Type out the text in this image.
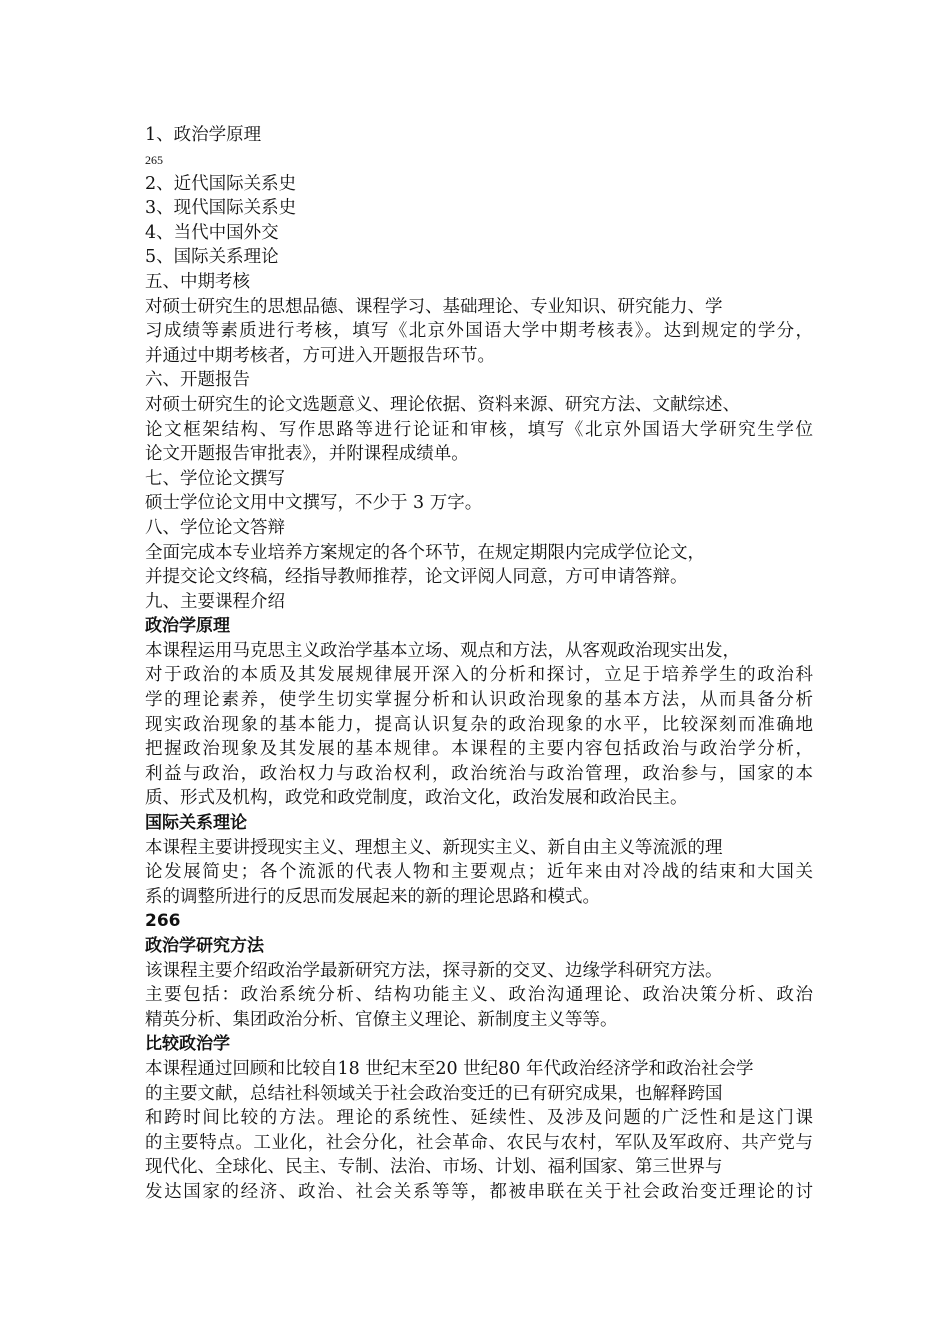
1、政治学原理
265
2、近代国际关系史
3、现代国际关系史
4、当代中国外交
5、国际关系理论
五、中期考核
对硕士研究生的思想品德、课程学习、基础理论、专业知识、研究能力、学
习成绩等素质进行考核，填写《北京外国语大学中期考核表》。达到规定的学分，
并通过中期考核者，方可进入开题报告环节。
六、开题报告
对硕士研究生的论文选题意义、理论依据、资料来源、研究方法、文献综述、
论文框架结构、写作思路等进行论证和审核，填写《北京外国语大学研究生学位
论文开题报告审批表》，并附课程成绩单。
七、学位论文撰写
硕士学位论文用中文撰写，不少于 3 万字。
八、学位论文答辩
全面完成本专业培养方案规定的各个环节，在规定期限内完成学位论文，
并提交论文终稿，经指导教师推荐，论文评阅人同意，方可申请答辩。
九、主要课程介绍
政治学原理
本课程运用马克思主义政治学基本立场、观点和方法，从客观政治现实出发，
对于政治的本质及其发展规律展开深入的分析和探讨，立足于培养学生的政治科
学的理论素养，使学生切实掌握分析和认识政治现象的基本方法，从而具备分析
现实政治现象的基本能力，提高认识复杂的政治现象的水平，比较深刻而准确地
把握政治现象及其发展的基本规律。本课程的主要内容包括政治与政治学分析，
利益与政治，政治权力与政治权利，政治统治与政治管理，政治参与，国家的本
质、形式及机构，政党和政党制度，政治文化，政治发展和政治民主。
国际关系理论
本课程主要讲授现实主义、理想主义、新现实主义、新自由主义等流派的理
论发展简史；各个流派的代表人物和主要观点；近年来由对冷战的结束和大国关
系的调整所进行的反思而发展起来的新的理论思路和模式。
266
政治学研究方法
该课程主要介绍政治学最新研究方法，探寻新的交叉、边缘学科研究方法。
主要包括：政治系统分析、结构功能主义、政治沟通理论、政治决策分析、政治
精英分析、集团政治分析、官僚主义理论、新制度主义等等。
比较政治学
本课程通过回顾和比较自18 世纪末至20 世纪80 年代政治经济学和政治社会学
的主要文献，总结社科领域关于社会政治变迁的已有研究成果，也解释跨国
和跨时间比较的方法。理论的系统性、延续性、及涉及问题的广泛性和是这门课
的主要特点。工业化，社会分化，社会革命、农民与农村，军队及军政府、共产党与
现代化、全球化、民主、专制、法治、市场、计划、福利国家、第三世界与
发达国家的经济、政治、社会关系等等，都被串联在关于社会政治变迁理论的讨
